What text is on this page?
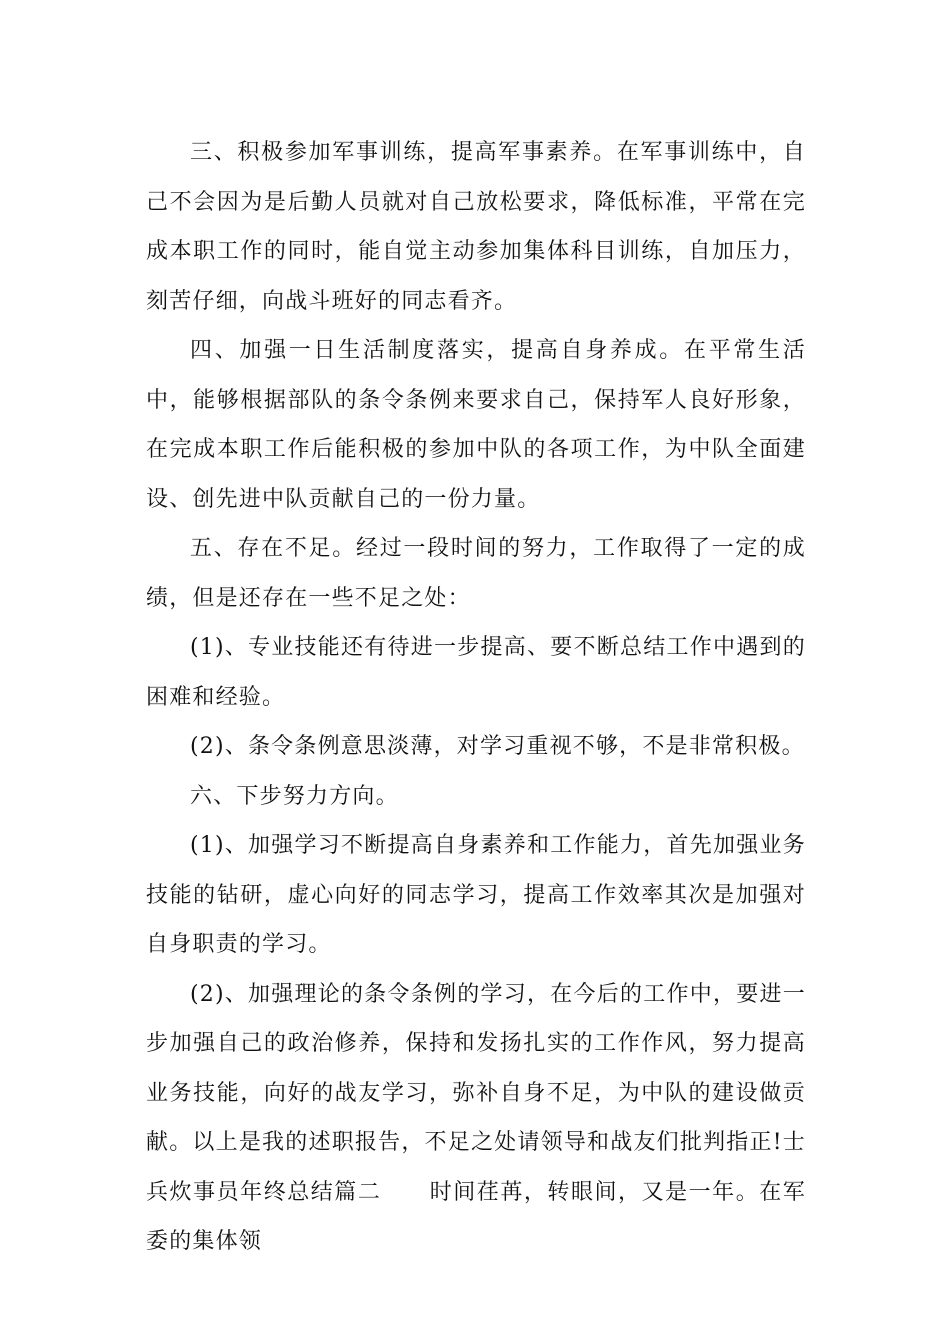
三、积极参加军事训练，提高军事素养。在军事训练中，自己不会因为是后勤人员就对自己放松要求，降低标准，平常在完成本职工作的同时，能自觉主动参加集体科目训练，自加压力，刻苦仔细，向战斗班好的同志看齐。

四、加强一日生活制度落实，提高自身养成。在平常生活中，能够根据部队的条令条例来要求自己，保持军人良好形象，在完成本职工作后能积极的参加中队的各项工作，为中队全面建设、创先进中队贡献自己的一份力量。

五、存在不足。经过一段时间的努力，工作取得了一定的成绩，但是还存在一些不足之处：

(1)、专业技能还有待进一步提高、要不断总结工作中遇到的困难和经验。

(2)、条令条例意思淡薄，对学习重视不够，不是非常积极。

六、下步努力方向。

(1)、加强学习不断提高自身素养和工作能力，首先加强业务技能的钻研，虚心向好的同志学习，提高工作效率其次是加强对自身职责的学习。

(2)、加强理论的条令条例的学习，在今后的工作中，要进一步加强自己的政治修养，保持和发扬扎实的工作作风，努力提高业务技能，向好的战友学习，弥补自身不足，为中队的建设做贡献。以上是我的述职报告，不足之处请领导和战友们批判指正!士兵炊事员年终总结篇二 时间荏苒，转眼间，又是一年。在军委的集体领
